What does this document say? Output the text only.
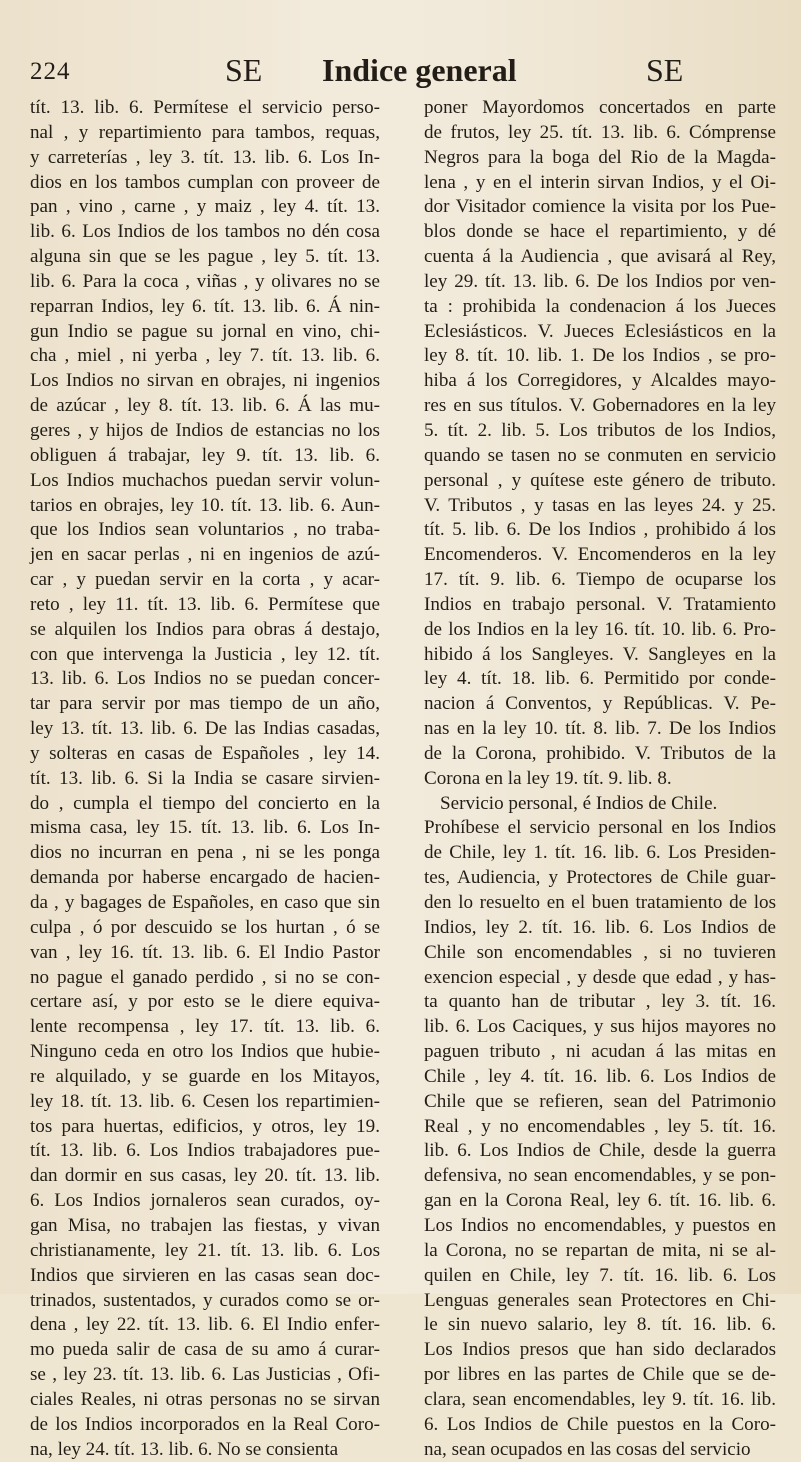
224	SE Indice general	SE

tít. 13. lib. 6. Permítese el servicio perso-

nal , y repartimiento para tambos, requas,

y carreterías , ley 3. tít. 13. lib. 6. Los In-

dios en los tambos cumplan con proveer de

pan , vino , carne , y maiz , ley 4. tít. 13.

lib. 6. Los Indios de los tambos no dén cosa

alguna sin que se les pague , ley 5. tít. 13.

lib. 6. Para la coca , viñas , y olivares no se

reparran Indios, ley 6. tít. 13. lib. 6. Á nin-

gun Indio se pague su jornal en vino, chi-

cha , miel , ni yerba , ley 7. tít. 13. lib. 6.

Los Indios no sirvan en obrajes, ni ingenios

de azúcar , ley 8. tít. 13. lib. 6. Á las mu-

geres , y hijos de Indios de estancias no los

obliguen á trabajar, ley 9. tít. 13. lib. 6.

Los Indios muchachos puedan servir volun-

tarios en obrajes, ley 10. tít. 13. lib. 6. Aun-

que los Indios sean voluntarios , no traba-

jen en sacar perlas , ni en ingenios de azú-

car , y puedan servir en la corta , y acar-

reto , ley 11. tít. 13. lib. 6. Permítese que

se alquilen los Indios para obras á destajo,

con que intervenga la Justicia , ley 12. tít.

13. lib. 6. Los Indios no se puedan concer-

tar para servir por mas tiempo de un año,

ley 13. tít. 13. lib. 6. De las Indias casadas,

y solteras en casas de Españoles , ley 14.

tít. 13. lib. 6. Si la India se casare sirvien-

do , cumpla el tiempo del concierto en la

misma casa, ley 15. tít. 13. lib. 6. Los In-

dios no incurran en pena , ni se les ponga

demanda por haberse encargado de hacien-

da , y bagages de Españoles, en caso que sin

culpa , ó por descuido se los hurtan , ó se

van , ley 16. tít. 13. lib. 6. El Indio Pastor

no pague el ganado perdido , si no se con-

certare así, y por esto se le diere equiva-

lente recompensa , ley 17. tít. 13. lib. 6.

Ninguno ceda en otro los Indios que hubie-

re alquilado, y se guarde en los Mitayos,

ley 18. tít. 13. lib. 6. Cesen los repartimien-

tos para huertas, edificios, y otros, ley 19.

tít. 13. lib. 6. Los Indios trabajadores pue-

dan dormir en sus casas, ley 20. tít. 13. lib.

6. Los Indios jornaleros sean curados, oy-

gan Misa, no trabajen las fiestas, y vivan

christianamente, ley 21. tít. 13. lib. 6. Los

Indios que sirvieren en las casas sean doc-

trinados, sustentados, y curados como se or-

dena , ley 22. tít. 13. lib. 6. El Indio enfer-

mo pueda salir de casa de su amo á curar-

se , ley 23. tít. 13. lib. 6. Las Justicias , Ofi-

ciales Reales, ni otras personas no se sirvan

de los Indios incorporados en la Real Coro-

na, ley 24. tít. 13. lib. 6. No se consienta

poner Mayordomos concertados en parte

de frutos, ley 25. tít. 13. lib. 6. Cómprense

Negros para la boga del Rio de la Magda-

lena , y en el interin sirvan Indios, y el Oi-

dor Visitador comience la visita por los Pue-

blos donde se hace el repartimiento, y dé

cuenta á la Audiencia , que avisará al Rey,

ley 29. tít. 13. lib. 6. De los Indios por ven-

ta : prohibida la condenacion á los Jueces

Eclesiásticos. V. Jueces Eclesiásticos en la

ley 8. tít. 10. lib. 1. De los Indios , se pro-

hiba á los Corregidores, y Alcaldes mayo-

res en sus títulos. V. Gobernadores en la ley

5. tít. 2. lib. 5. Los tributos de los Indios,

quando se tasen no se conmuten en servicio

personal , y quítese este género de tributo.

V. Tributos , y tasas en las leyes 24. y 25.

tít. 5. lib. 6. De los Indios , prohibido á los

Encomenderos. V. Encomenderos en la ley

17. tít. 9. lib. 6. Tiempo de ocuparse los

Indios en trabajo personal. V. Tratamiento

de los Indios en la ley 16. tít. 10. lib. 6. Pro-

hibido á los Sangleyes. V. Sangleyes en la

ley 4. tít. 18. lib. 6. Permitido por conde-

nacion á Conventos, y Repúblicas. V. Pe-

nas en la ley 10. tít. 8. lib. 7. De los Indios

de la Corona, prohibido. V. Tributos de la

Corona en la ley 19. tít. 9. lib. 8.

Servicio personal, é Indios de Chile.

Prohíbese el servicio personal en los Indios

de Chile, ley 1. tít. 16. lib. 6. Los Presiden-

tes, Audiencia, y Protectores de Chile guar-

den lo resuelto en el buen tratamiento de los

Indios, ley 2. tít. 16. lib. 6. Los Indios de

Chile son encomendables , si no tuvieren

exencion especial , y desde que edad , y has-

ta quanto han de tributar , ley 3. tít. 16.

lib. 6. Los Caciques, y sus hijos mayores no

paguen tributo , ni acudan á las mitas en

Chile , ley 4. tít. 16. lib. 6. Los Indios de

Chile que se refieren, sean del Patrimonio

Real , y no encomendables , ley 5. tít. 16.

lib. 6. Los Indios de Chile, desde la guerra

defensiva, no sean encomendables, y se pon-

gan en la Corona Real, ley 6. tít. 16. lib. 6.

Los Indios no encomendables, y puestos en

la Corona, no se repartan de mita, ni se al-

quilen en Chile, ley 7. tít. 16. lib. 6. Los

Lenguas generales sean Protectores en Chi-

le sin nuevo salario, ley 8. tít. 16. lib. 6.

Los Indios presos que han sido declarados

por libres en las partes de Chile que se de-

clara, sean encomendables, ley 9. tít. 16. lib.

6. Los Indios de Chile puestos en la Coro-

na, sean ocupados en las cosas del servicio
